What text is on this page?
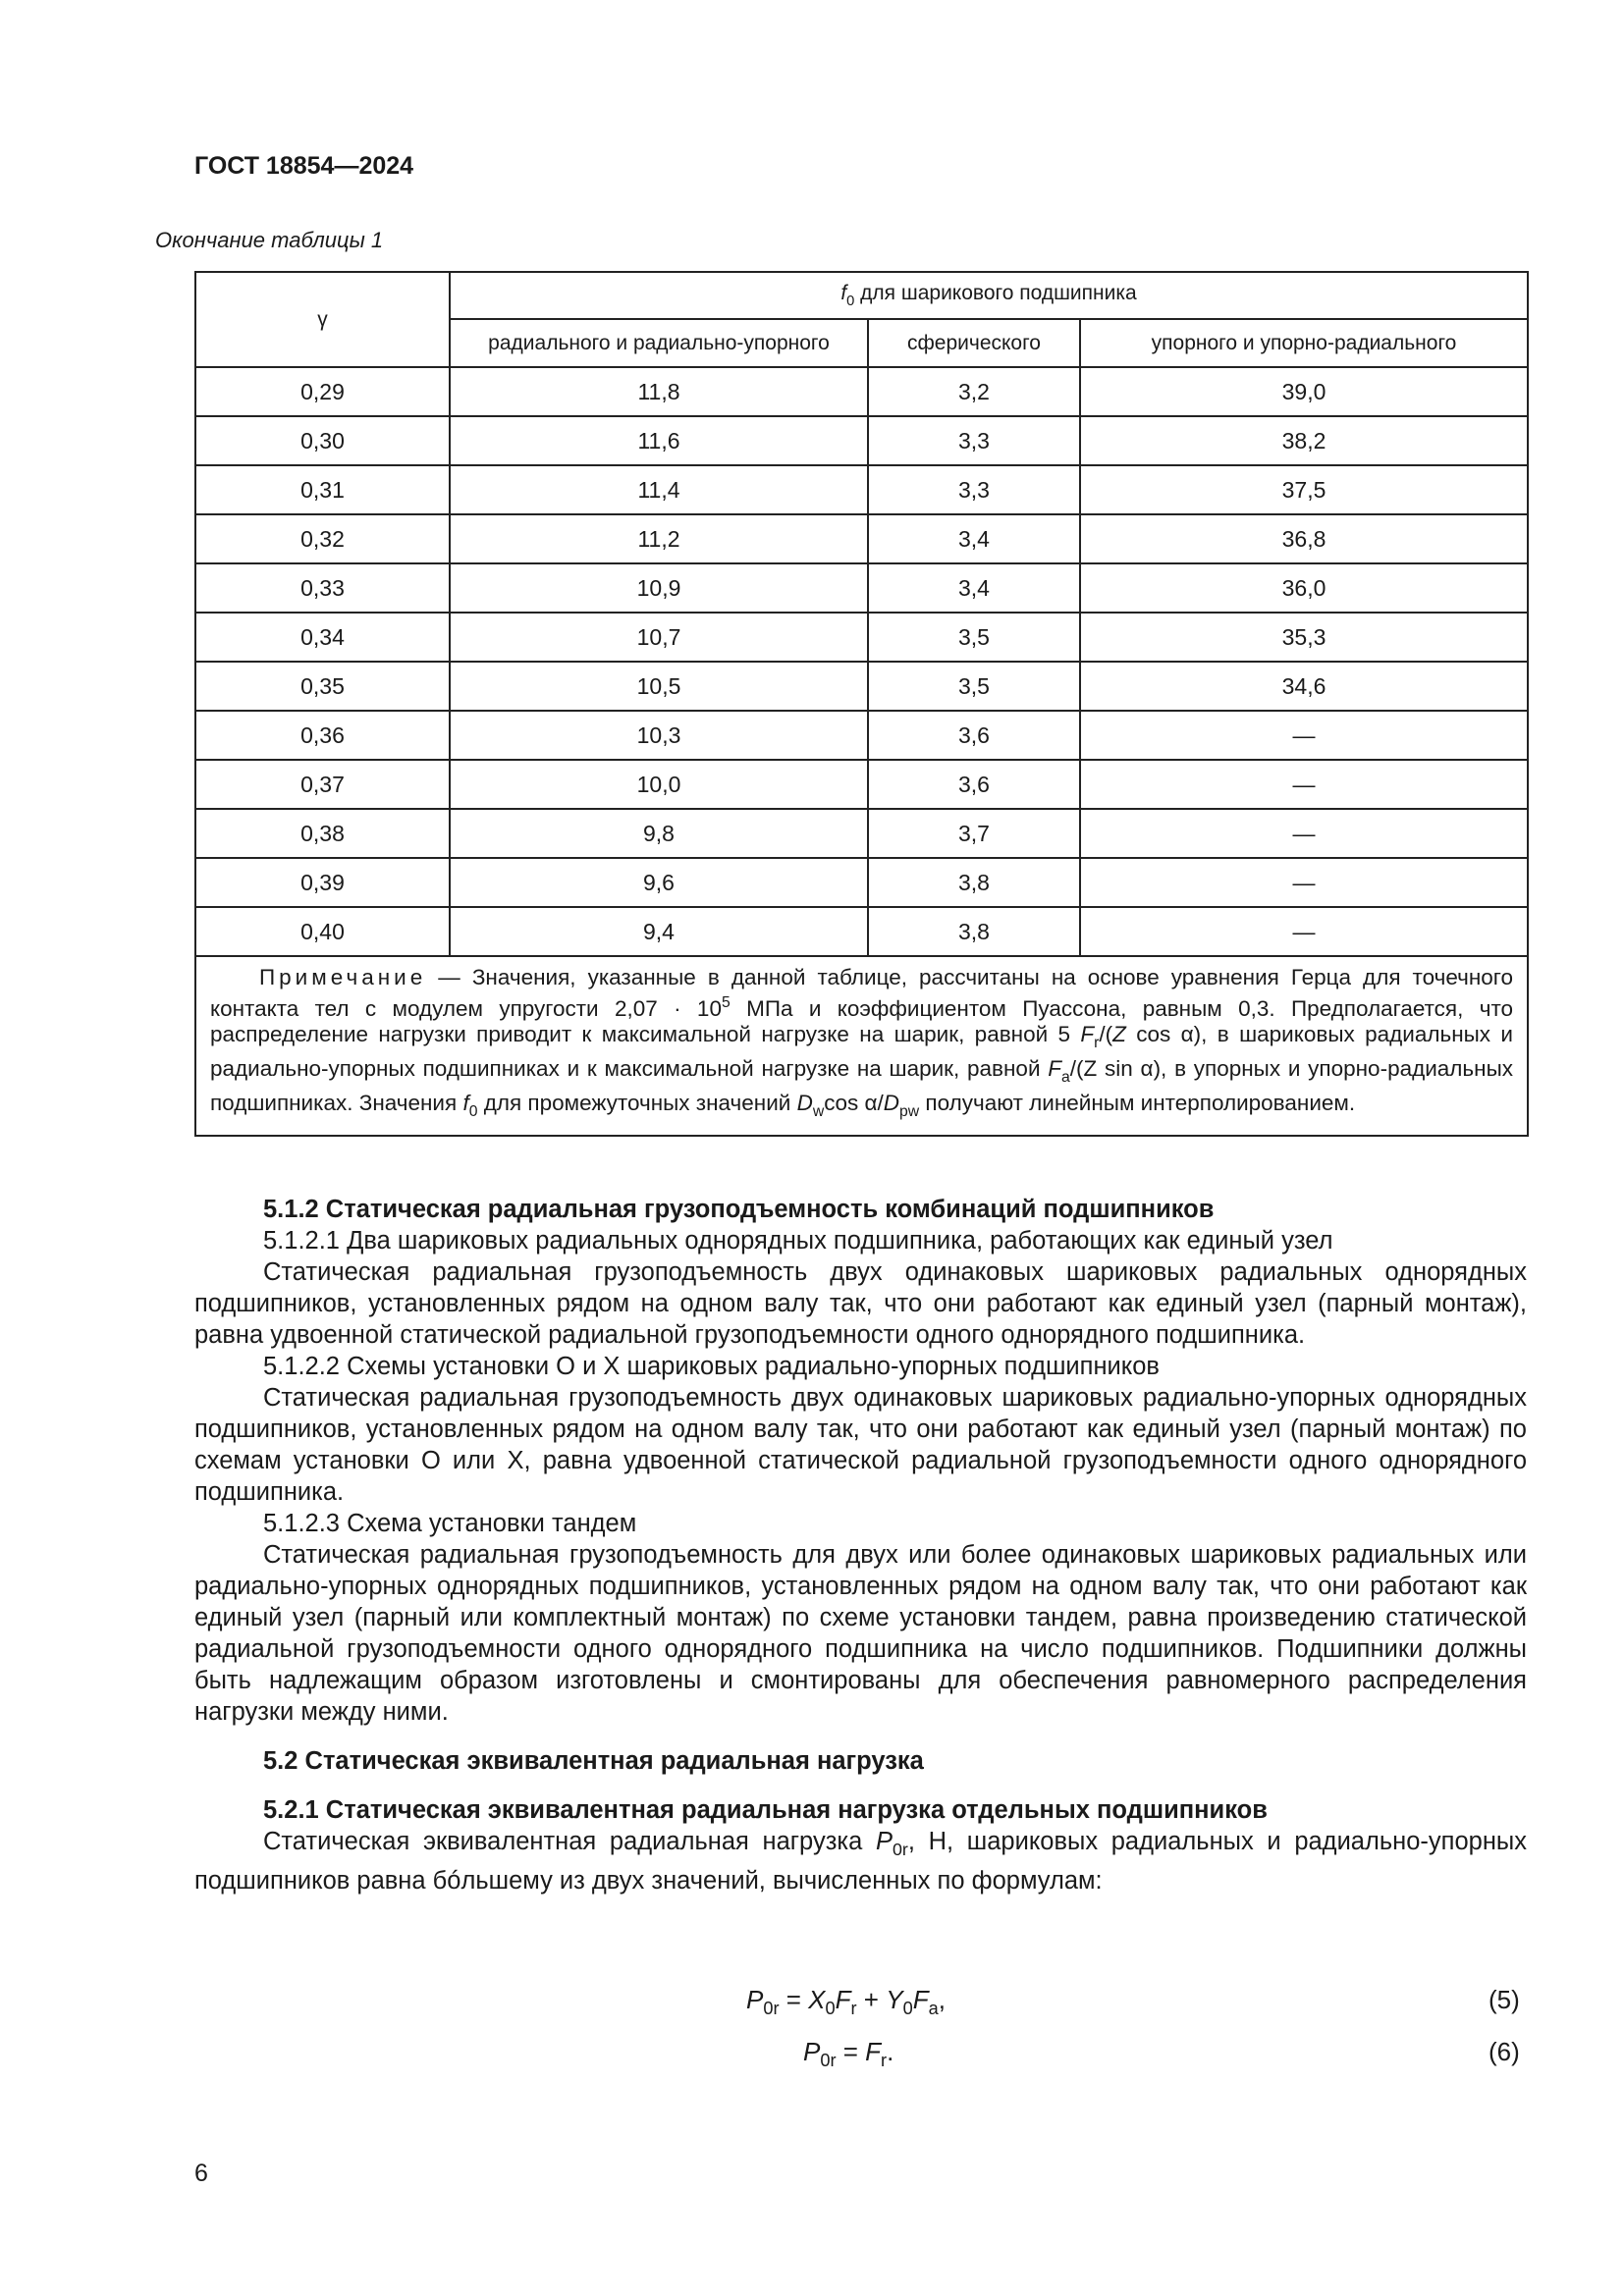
ГОСТ 18854—2024
Окончание таблицы 1
γ	$f_0$ для шарикового подшипника		
	радиального и радиально-упорного	сферического	упорного и упорно-радиального
0,29	11,8	3,2	39,0
0,30	11,6	3,3	38,2
0,31	11,4	3,3	37,5
0,32	11,2	3,4	36,8
0,33	10,9	3,4	36,0
0,34	10,7	3,5	35,3
0,35	10,5	3,5	34,6
0,36	10,3	3,6	—
0,37	10,0	3,6	—
0,38	9,8	3,7	—
0,39	9,6	3,8	—
0,40	9,4	3,8	—
Примечание — Значения, указанные в данной таблице, рассчитаны на основе уравнения Герца для точечного контакта тел с модулем упругости $2,07 \cdot 10^5$ МПа и коэффициентом Пуассона, равным 0,3. Предполагается, что распределение нагрузки приводит к максимальной нагрузке на шарик, равной 5 $F_r/(Z$ cos α), в шариковых радиальных и радиально-упорных подшипниках и к максимальной нагрузке на шарик, равной $F_a/(Z$ sin α), в упорных и упорно-радиальных подшипниках. Значения $f_0$ для промежуточных значений $D_w\cos$ $\alpha/D_{pw}$ получают линейным интерполированием.			

5.1.2 Статическая радиальная грузоподъемность комбинаций подшипников

5.1.2.1 Два шариковых радиальных однорядных подшипника, работающих как единый узел

Статическая радиальная грузоподъемность двух одинаковых шариковых радиальных однорядных подшипников, установленных рядом на одном валу так, что они работают как единый узел (парный монтаж), равна удвоенной статической радиальной грузоподъемности одного однорядного подшипника.

5.1.2.2 Схемы установки О и Х шариковых радиально-упорных подшипников

Статическая радиальная грузоподъемность двух одинаковых шариковых радиально-упорных однорядных подшипников, установленных рядом на одном валу так, что они работают как единый узел (парный монтаж) по схемам установки О или Х, равна удвоенной статической радиальной грузоподъемности одного однорядного подшипника.

5.1.2.3 Схема установки тандем

Статическая радиальная грузоподъемность для двух или более одинаковых шариковых радиальных или радиально-упорных однорядных подшипников, установленных рядом на одном валу так, что они работают как единый узел (парный или комплектный монтаж) по схеме установки тандем, равна произведению статической радиальной грузоподъемности одного однорядного подшипника на число подшипников. Подшипники должны быть надлежащим образом изготовлены и смонтированы для обеспечения равномерного распределения нагрузки между ними.

5.2 Статическая эквивалентная радиальная нагрузка

5.2.1 Статическая эквивалентная радиальная нагрузка отдельных подшипников

Статическая эквивалентная радиальная нагрузка $P_{0r}$, Н, шариковых радиальных и радиально-упорных подшипников равна бóльшему из двух значений, вычисленных по формулам:

$P_{0r} = X_0F_r + Y_0F_a$,	(5)
$P_{0r} = F_r$.	(6)
6
